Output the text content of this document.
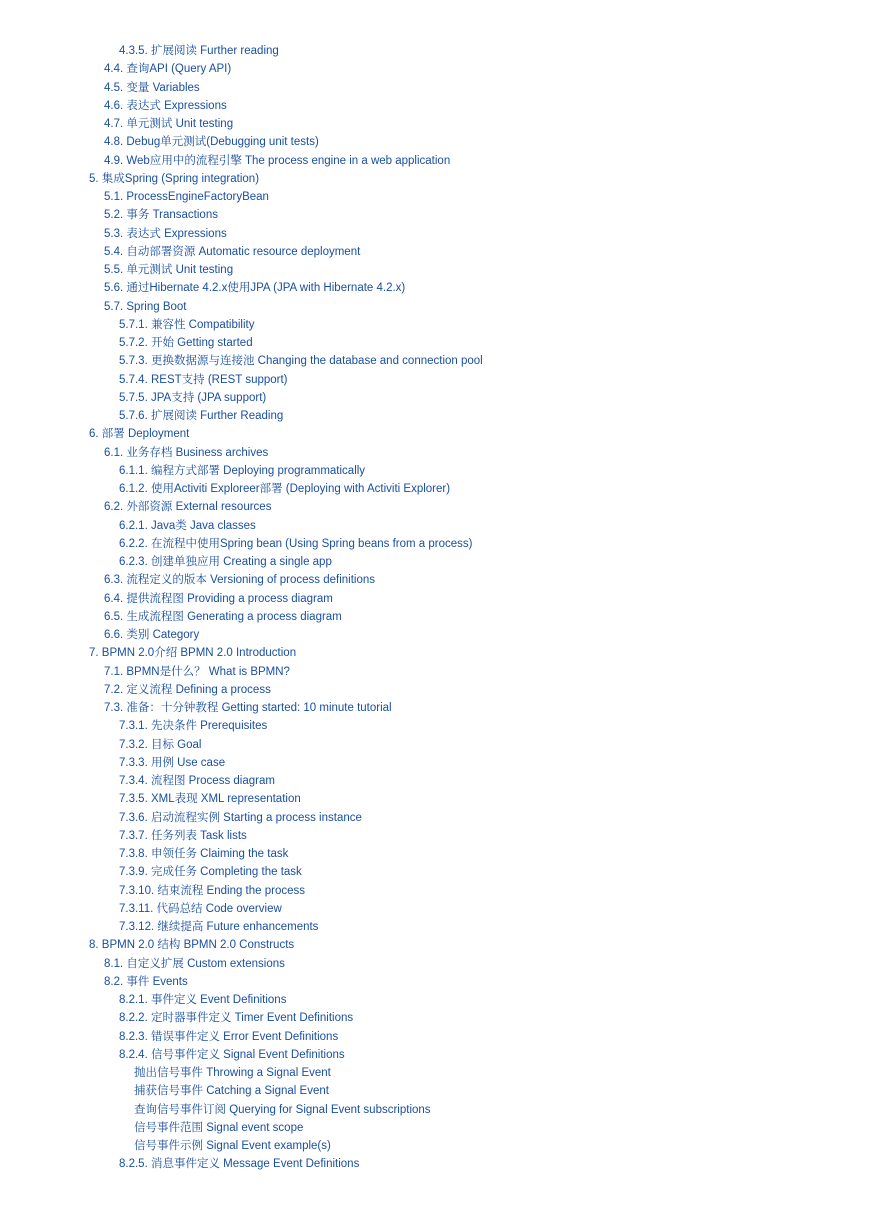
4.3.5. 扩展阅读 Further reading
4.4. 查询API (Query API)
4.5. 变量 Variables
4.6. 表达式 Expressions
4.7. 单元测试 Unit testing
4.8. Debug单元测试(Debugging unit tests)
4.9. Web应用中的流程引擎 The process engine in a web application
5. 集成Spring (Spring integration)
5.1. ProcessEngineFactoryBean
5.2. 事务 Transactions
5.3. 表达式 Expressions
5.4. 自动部署资源 Automatic resource deployment
5.5. 单元测试 Unit testing
5.6. 通过Hibernate 4.2.x使用JPA (JPA with Hibernate 4.2.x)
5.7. Spring Boot
5.7.1. 兼容性 Compatibility
5.7.2. 开始 Getting started
5.7.3. 更换数据源与连接池 Changing the database and connection pool
5.7.4. REST支持 (REST support)
5.7.5. JPA支持 (JPA support)
5.7.6. 扩展阅读 Further Reading
6. 部署 Deployment
6.1. 业务存档 Business archives
6.1.1. 编程方式部署 Deploying programmatically
6.1.2. 使用Activiti Exploreer部署 (Deploying with Activiti Explorer)
6.2. 外部资源 External resources
6.2.1. Java类 Java classes
6.2.2. 在流程中使用Spring bean (Using Spring beans from a process)
6.2.3. 创建单独应用 Creating a single app
6.3. 流程定义的版本 Versioning of process definitions
6.4. 提供流程图 Providing a process diagram
6.5. 生成流程图 Generating a process diagram
6.6. 类别 Category
7. BPMN 2.0介绍 BPMN 2.0 Introduction
7.1. BPMN是什么？ What is BPMN?
7.2. 定义流程 Defining a process
7.3. 准备：十分钟教程 Getting started: 10 minute tutorial
7.3.1. 先决条件 Prerequisites
7.3.2. 目标 Goal
7.3.3. 用例 Use case
7.3.4. 流程图 Process diagram
7.3.5. XML表现 XML representation
7.3.6. 启动流程实例 Starting a process instance
7.3.7. 任务列表 Task lists
7.3.8. 申领任务 Claiming the task
7.3.9. 完成任务 Completing the task
7.3.10. 结束流程 Ending the process
7.3.11. 代码总结 Code overview
7.3.12. 继续提高 Future enhancements
8. BPMN 2.0 结构 BPMN 2.0 Constructs
8.1. 自定义扩展 Custom extensions
8.2. 事件 Events
8.2.1. 事件定义 Event Definitions
8.2.2. 定时器事件定义 Timer Event Definitions
8.2.3. 错误事件定义 Error Event Definitions
8.2.4. 信号事件定义 Signal Event Definitions
抛出信号事件 Throwing a Signal Event
捕获信号事件 Catching a Signal Event
查询信号事件订阅 Querying for Signal Event subscriptions
信号事件范围 Signal event scope
信号事件示例 Signal Event example(s)
8.2.5. 消息事件定义 Message Event Definitions
